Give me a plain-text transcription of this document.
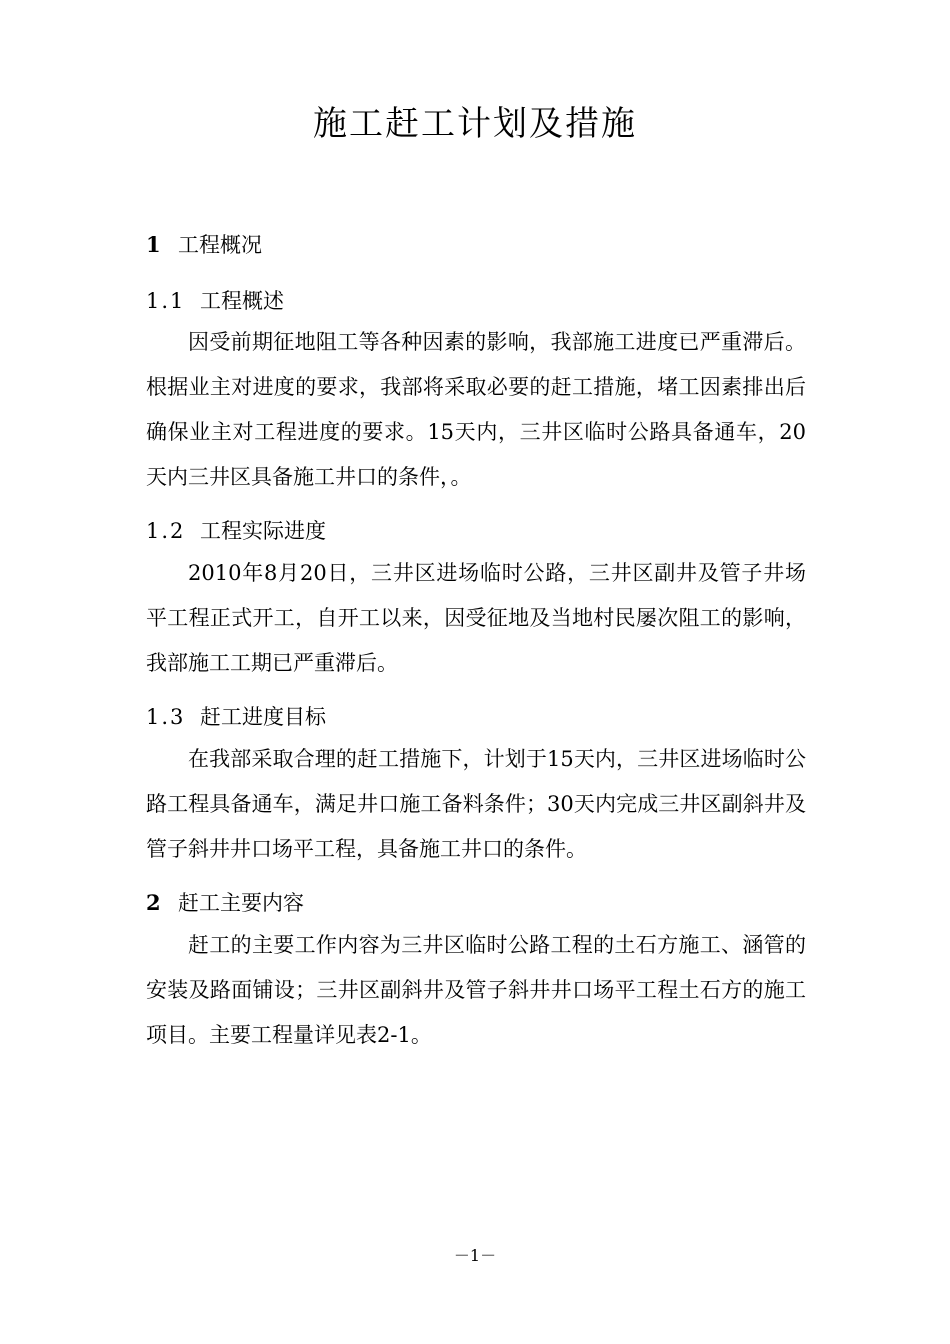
施工赶工计划及措施
1 工程概况
1.1 工程概述
因受前期征地阻工等各种因素的影响，我部施工进度已严重滞后。根据业主对进度的要求，我部将采取必要的赶工措施，堵工因素排出后确保业主对工程进度的要求。15天内，三井区临时公路具备通车，20天内三井区具备施工井口的条件，。
1.2 工程实际进度
2010年8月20日，三井区进场临时公路，三井区副井及管子井场平工程正式开工，自开工以来，因受征地及当地村民屡次阻工的影响，我部施工工期已严重滞后。
1.3 赶工进度目标
在我部采取合理的赶工措施下，计划于15天内，三井区进场临时公路工程具备通车，满足井口施工备料条件；30天内完成三井区副斜井及管子斜井井口场平工程，具备施工井口的条件。
2 赶工主要内容
赶工的主要工作内容为三井区临时公路工程的土石方施工、涵管的安装及路面铺设；三井区副斜井及管子斜井井口场平工程土石方的施工项目。主要工程量详见表2-1。
－1－
